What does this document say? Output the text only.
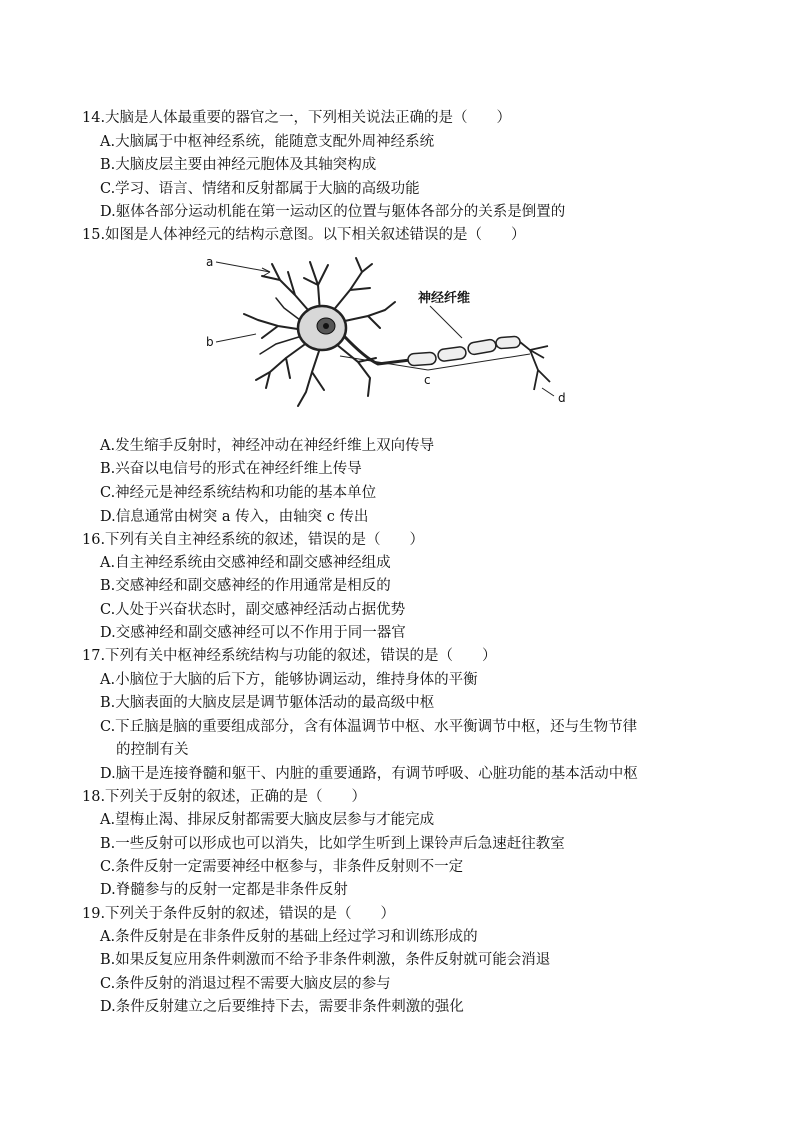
14.大脑是人体最重要的器官之一，下列相关说法正确的是（　　）
A.大脑属于中枢神经系统，能随意支配外周神经系统
B.大脑皮层主要由神经元胞体及其轴突构成
C.学习、语言、情绪和反射都属于大脑的高级功能
D.躯体各部分运动机能在第一运动区的位置与躯体各部分的关系是倒置的
15.如图是人体神经元的结构示意图。以下相关叙述错误的是（　　）
a
b
c
d
神经纤维
A.发生缩手反射时，神经冲动在神经纤维上双向传导
B.兴奋以电信号的形式在神经纤维上传导
C.神经元是神经系统结构和功能的基本单位
D.信息通常由树突 a 传入，由轴突 c 传出
16.下列有关自主神经系统的叙述，错误的是（　　）
A.自主神经系统由交感神经和副交感神经组成
B.交感神经和副交感神经的作用通常是相反的
C.人处于兴奋状态时，副交感神经活动占据优势
D.交感神经和副交感神经可以不作用于同一器官
17.下列有关中枢神经系统结构与功能的叙述，错误的是（　　）
A.小脑位于大脑的后下方，能够协调运动，维持身体的平衡
B.大脑表面的大脑皮层是调节躯体活动的最高级中枢
C.下丘脑是脑的重要组成部分，含有体温调节中枢、水平衡调节中枢，还与生物节律
的控制有关
D.脑干是连接脊髓和躯干、内脏的重要通路，有调节呼吸、心脏功能的基本活动中枢
18.下列关于反射的叙述，正确的是（　　）
A.望梅止渴、排尿反射都需要大脑皮层参与才能完成
B.一些反射可以形成也可以消失，比如学生听到上课铃声后急速赶往教室
C.条件反射一定需要神经中枢参与，非条件反射则不一定
D.脊髓参与的反射一定都是非条件反射
19.下列关于条件反射的叙述，错误的是（　　）
A.条件反射是在非条件反射的基础上经过学习和训练形成的
B.如果反复应用条件刺激而不给予非条件刺激，条件反射就可能会消退
C.条件反射的消退过程不需要大脑皮层的参与
D.条件反射建立之后要维持下去，需要非条件刺激的强化
